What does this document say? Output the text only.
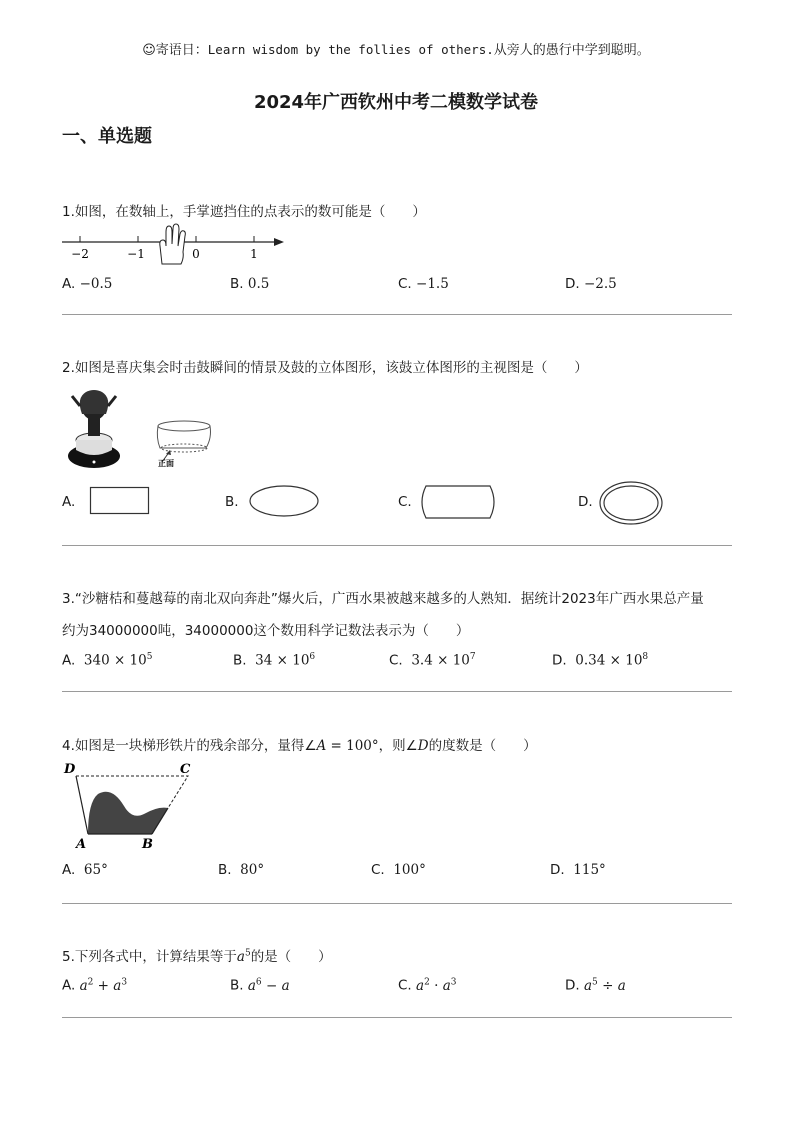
☺寄语日：Learn wisdom by the follies of others.从旁人的愚行中学到聪明。
2024年广西钦州中考二模数学试卷
一、单选题
1.如图，在数轴上，手掌遮挡住的点表示的数可能是（　　）
−2	−1	0	1
A. −0.5	B. 0.5	C. −1.5	D. −2.5
2.如图是喜庆集会时击鼓瞬间的情景及鼓的立体图形，该鼓立体图形的主视图是（　　）
正面
A.	B.	C.	D.
3.“沙糖桔和蔓越莓的南北双向奔赴”爆火后，广西水果被越来越多的人熟知．据统计2023年广西水果总产量
约为34000000吨，34000000这个数用科学记数法表示为（　　）
A. $340 \times 10^5$	B. $34 \times 10^6$	C. $3.4 \times 10^7$	D. $0.34 \times 10^8$
4.如图是一块梯形铁片的残余部分，量得∠A = 100°，则∠D的度数是（　　）
D	C
A	B
A. 65°	B. 80°	C. 100°	D. 115°
5.下列各式中，计算结果等于$a^5$的是（　　）
A. $a^2 + a^3$	B. $a^6 - a$	C. $a^2 \cdot a^3$	D. $a^5 \div a$
